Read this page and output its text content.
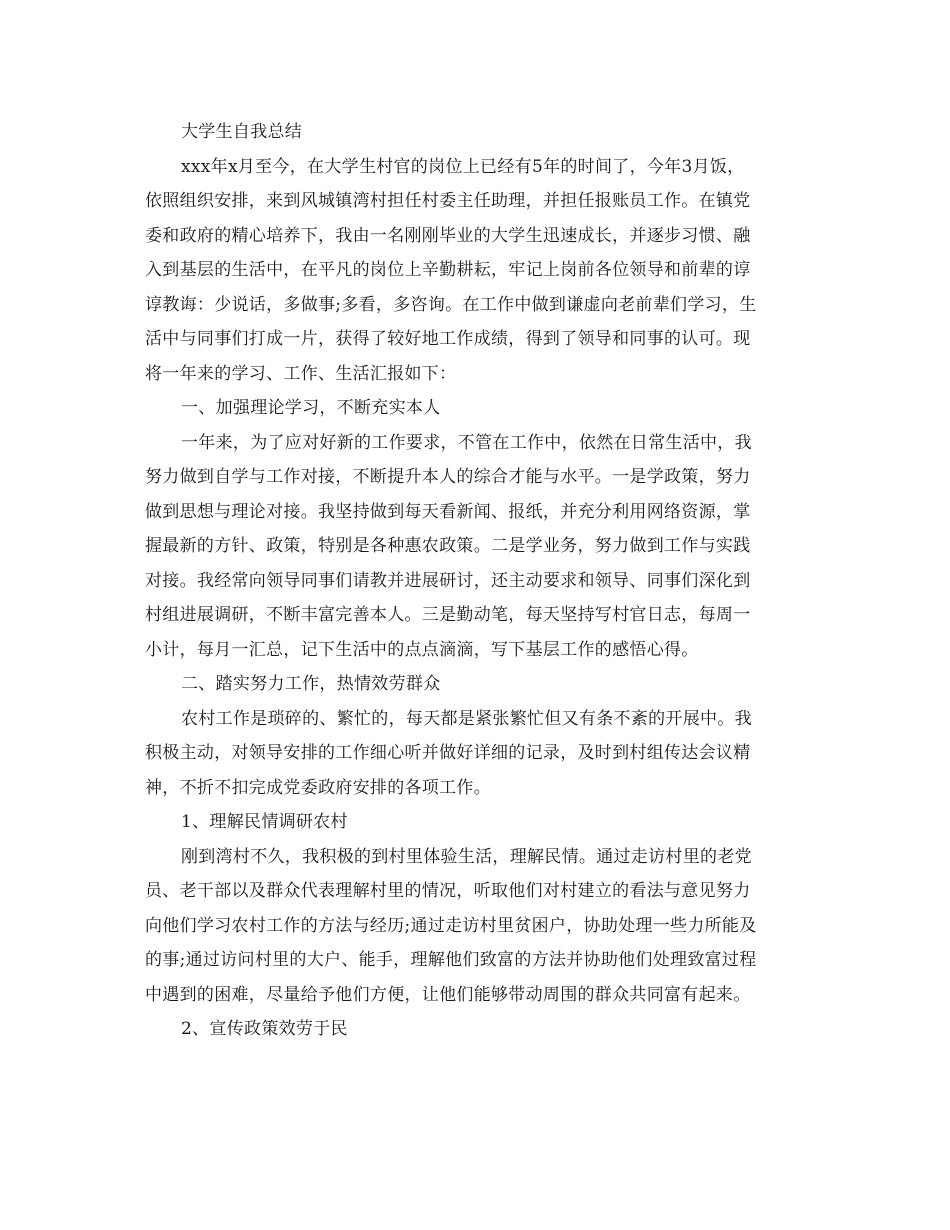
大学生自我总结
xxx年x月至今，在大学生村官的岗位上已经有5年的时间了，今年3月饭，
依照组织安排，来到风城镇湾村担任村委主任助理，并担任报账员工作。在镇党
委和政府的精心培养下，我由一名刚刚毕业的大学生迅速成长，并逐步习惯、融
入到基层的生活中，在平凡的岗位上辛勤耕耘，牢记上岗前各位领导和前辈的谆
谆教诲：少说话，多做事;多看，多咨询。在工作中做到谦虚向老前辈们学习，生
活中与同事们打成一片，获得了较好地工作成绩，得到了领导和同事的认可。现
将一年来的学习、工作、生活汇报如下：
一、加强理论学习，不断充实本人
一年来，为了应对好新的工作要求，不管在工作中，依然在日常生活中，我
努力做到自学与工作对接，不断提升本人的综合才能与水平。一是学政策，努力
做到思想与理论对接。我坚持做到每天看新闻、报纸，并充分利用网络资源，掌
握最新的方针、政策，特别是各种惠农政策。二是学业务，努力做到工作与实践
对接。我经常向领导同事们请教并进展研讨，还主动要求和领导、同事们深化到
村组进展调研，不断丰富完善本人。三是勤动笔，每天坚持写村官日志，每周一
小计，每月一汇总，记下生活中的点点滴滴，写下基层工作的感悟心得。
二、踏实努力工作，热情效劳群众
农村工作是琐碎的、繁忙的，每天都是紧张繁忙但又有条不紊的开展中。我
积极主动，对领导安排的工作细心听并做好详细的记录，及时到村组传达会议精
神，不折不扣完成党委政府安排的各项工作。
1、理解民情调研农村
刚到湾村不久，我积极的到村里体验生活，理解民情。通过走访村里的老党
员、老干部以及群众代表理解村里的情况，听取他们对村建立的看法与意见努力
向他们学习农村工作的方法与经历;通过走访村里贫困户，协助处理一些力所能及
的事;通过访问村里的大户、能手，理解他们致富的方法并协助他们处理致富过程
中遇到的困难，尽量给予他们方便，让他们能够带动周围的群众共同富有起来。
2、宣传政策效劳于民
